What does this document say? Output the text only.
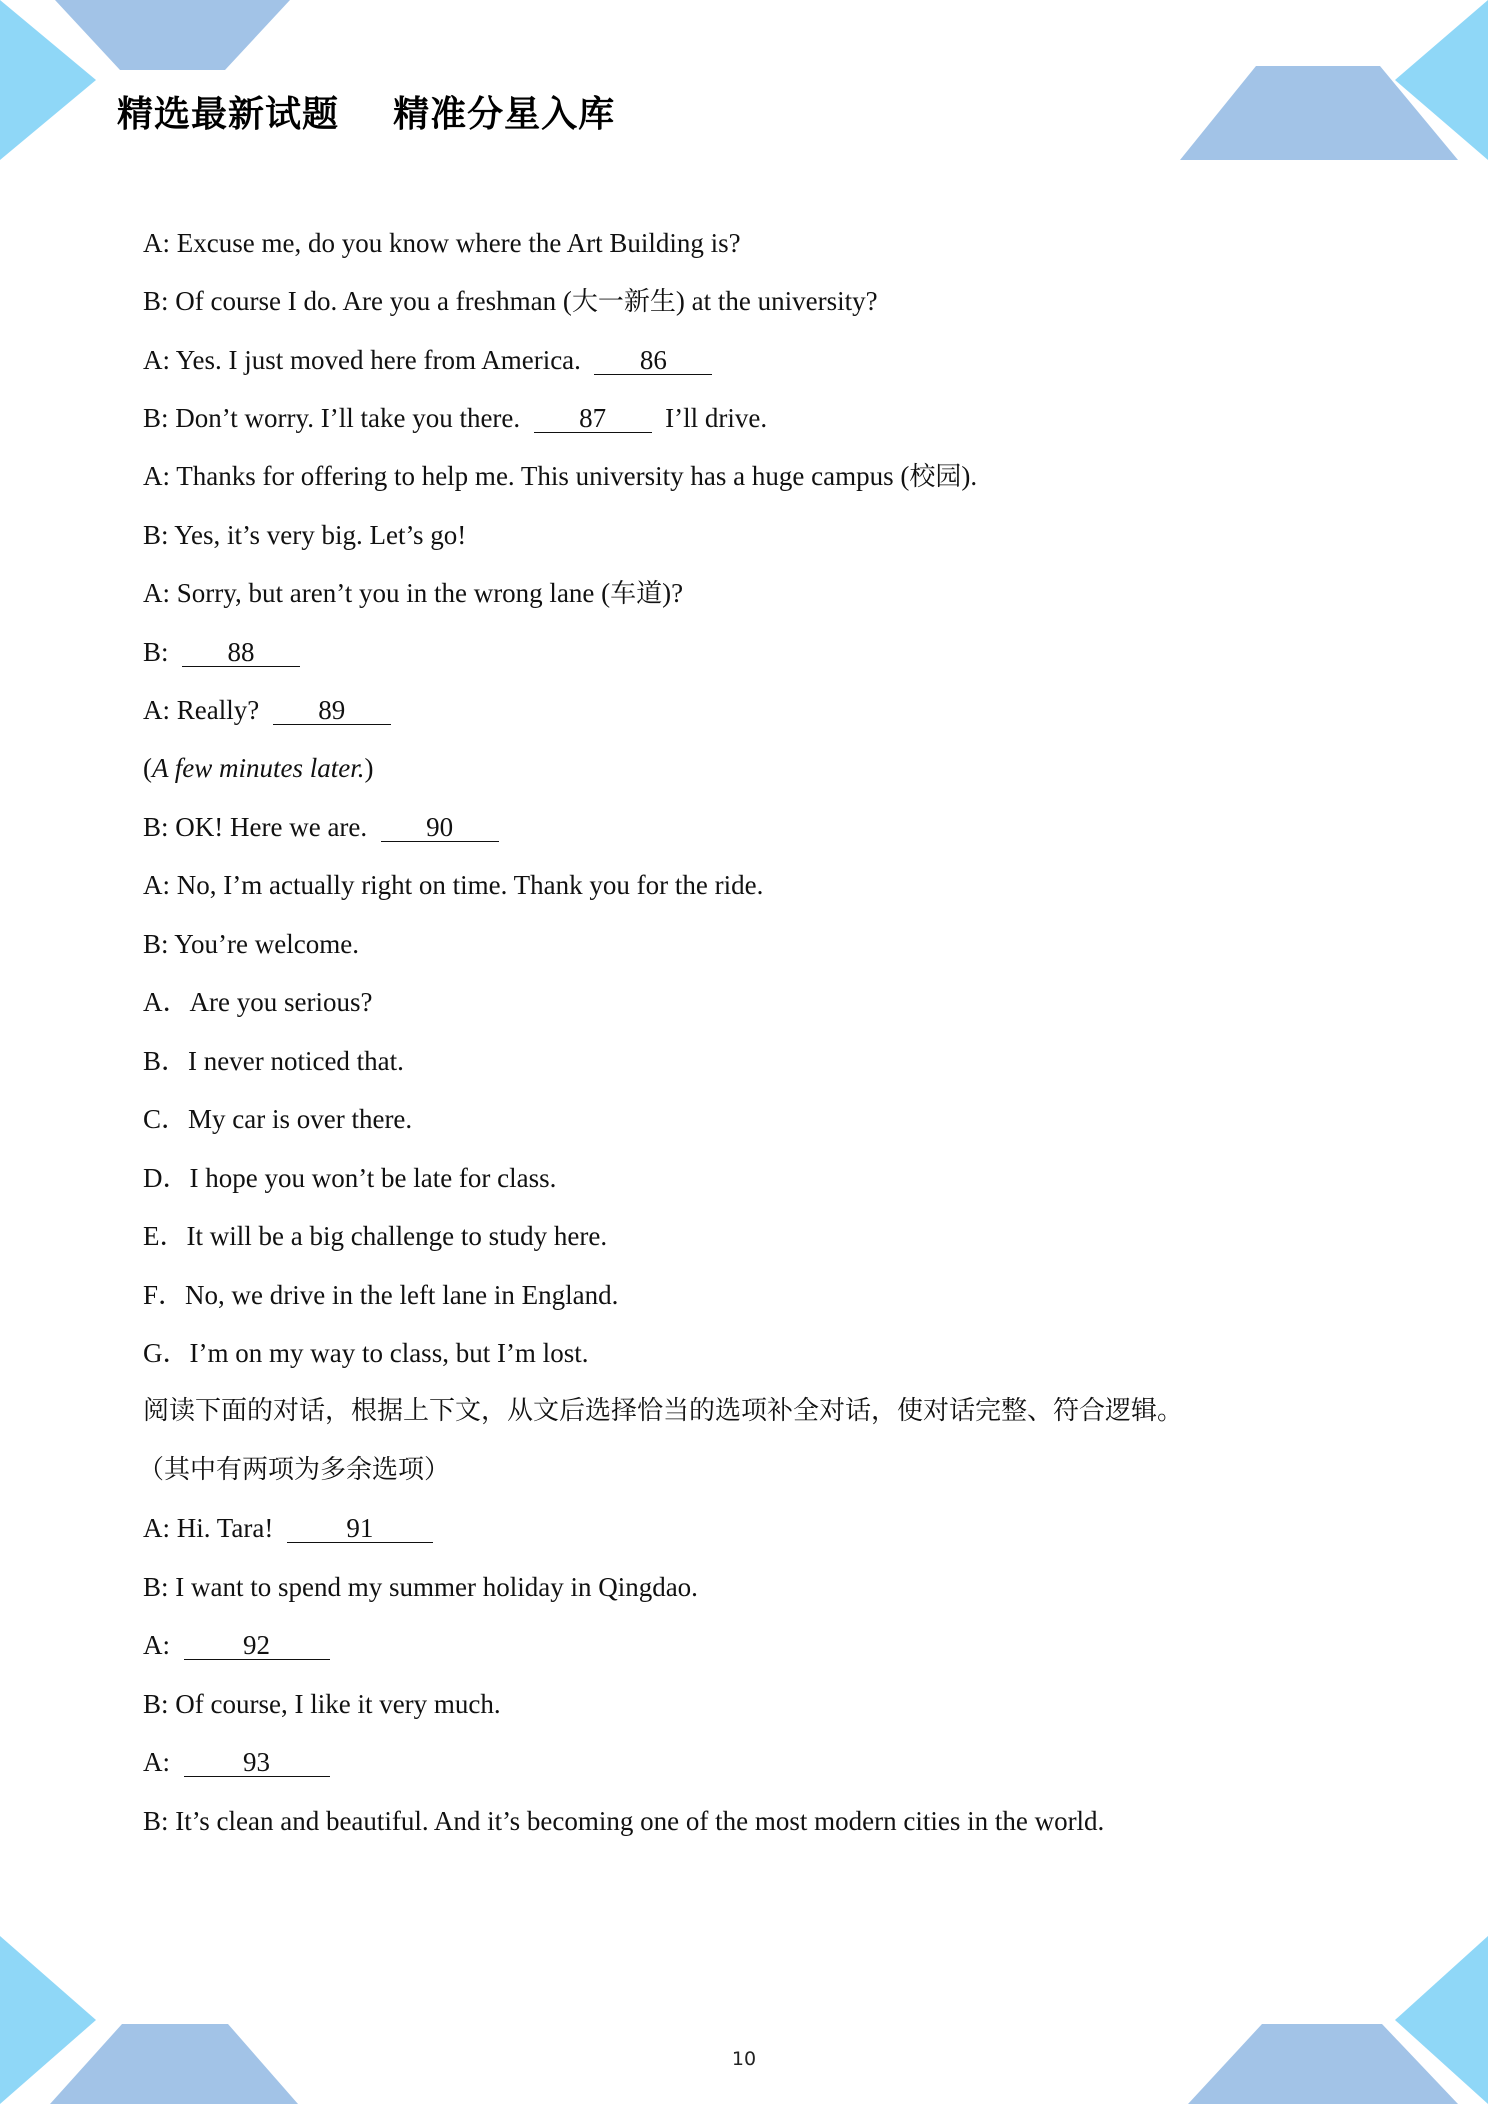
精选最新试题    精准分星入库
A: Excuse me, do you know where the Art Building is?
B: Of course I do. Are you a freshman (大一新生) at the university?
A: Yes. I just moved here from America. 86
B: Don’t worry. I’ll take you there. 87 I’ll drive.
A: Thanks for offering to help me. This university has a huge campus (校园).
B: Yes, it’s very big. Let’s go!
A: Sorry, but aren’t you in the wrong lane (车道)?
B: 88
A: Really? 89
(A few minutes later.)
B: OK! Here we are. 90
A: No, I’m actually right on time. Thank you for the ride.
B: You’re welcome.
A．Are you serious?
B．I never noticed that.
C．My car is over there.
D．I hope you won’t be late for class.
E．It will be a big challenge to study here.
F．No, we drive in the left lane in England.
G．I’m on my way to class, but I’m lost.
阅读下面的对话，根据上下文，从文后选择恰当的选项补全对话，使对话完整、符合逻辑。
（其中有两项为多余选项）
A: Hi. Tara!	91
B: I want to spend my summer holiday in Qingdao.
A:	92
B: Of course, I like it very much.
A:	93
B: It’s clean and beautiful. And it’s becoming one of the most modern cities in the world.
10
